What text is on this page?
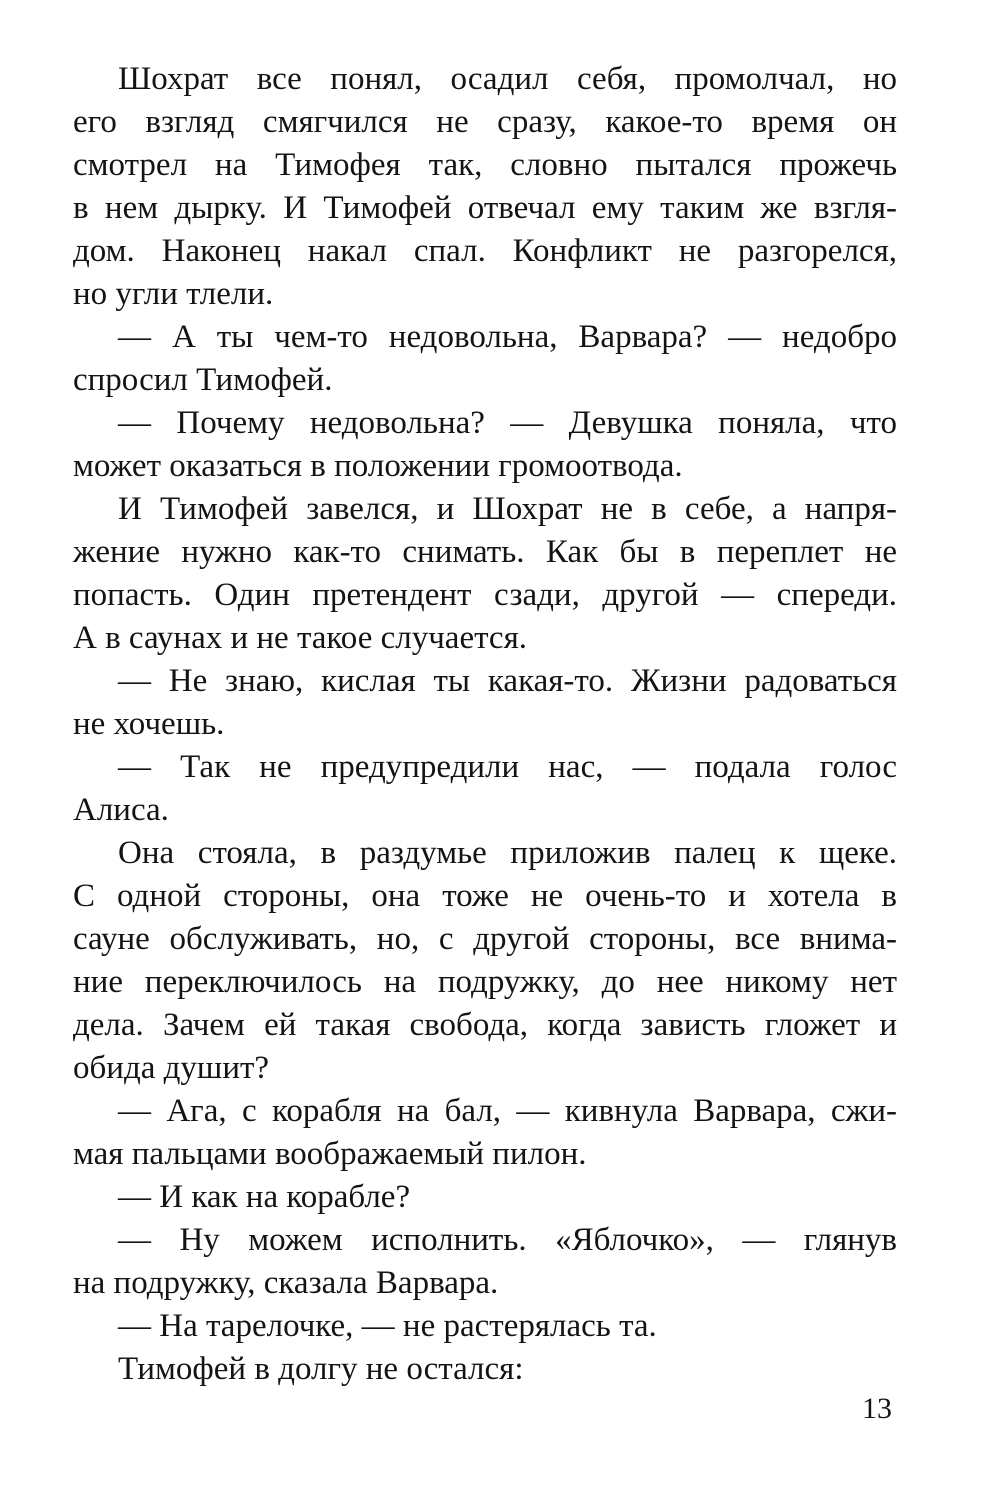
Шохрат все понял, осадил себя, промолчал, но
его взгляд смягчился не сразу, какое-то время он
смотрел на Тимофея так, словно пытался прожечь
в нем дырку. И Тимофей отвечал ему таким же взгля-
дом. Наконец накал спал. Конфликт не разгорелся,
но угли тлели.
— А ты чем-то недовольна, Варвара? — недобро
спросил Тимофей.
— Почему недовольна? — Девушка поняла, что
может оказаться в положении громоотвода.
И Тимофей завелся, и Шохрат не в себе, а напря-
жение нужно как-то снимать. Как бы в переплет не
попасть. Один претендент сзади, другой — спереди.
А в саунах и не такое случается.
— Не знаю, кислая ты какая-то. Жизни радоваться
не хочешь.
— Так не предупредили нас, — подала голос
Алиса.
Она стояла, в раздумье приложив палец к щеке.
С одной стороны, она тоже не очень-то и хотела в
сауне обслуживать, но, с другой стороны, все внима-
ние переключилось на подружку, до нее никому нет
дела. Зачем ей такая свобода, когда зависть гложет и
обида душит?
— Ага, с корабля на бал, — кивнула Варвара, сжи-
мая пальцами воображаемый пилон.
— И как на корабле?
— Ну можем исполнить. «Яблочко», — глянув
на подружку, сказала Варвара.
— На тарелочке, — не растерялась та.
Тимофей в долгу не остался:
13
